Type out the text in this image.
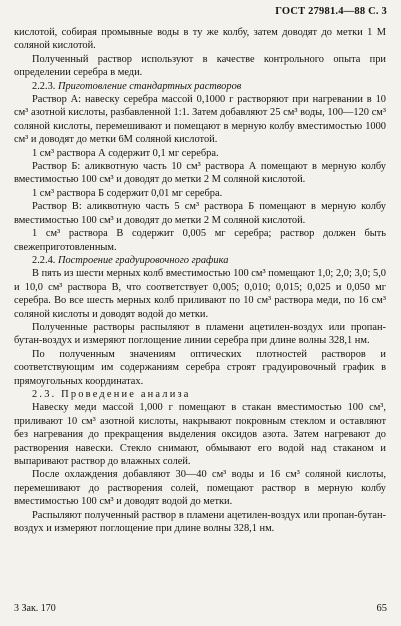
ГОСТ 27981.4—88 С. 3

кислотой, собирая промывные воды в ту же колбу, затем доводят до метки 1 М соляной кислотой.

Полученный раствор используют в качестве контрольного опыта при определении серебра в меди.

2.2.3. Приготовление стандартных растворов

Раствор А: навеску серебра массой 0,1000 г растворяют при нагревании в 10 см³ азотной кислоты, разбавленной 1:1. Затем добавляют 25 см³ воды, 100—120 см³ соляной кислоты, перемешивают и помещают в мерную колбу вместимостью 1000 см³ и доводят до метки 6М соляной кислотой.

1 см³ раствора А содержит 0,1 мг серебра.

Раствор Б: аликвотную часть 10 см³ раствора А помещают в мерную колбу вместимостью 100 см³ и доводят до метки 2 М соляной кислотой.

1 см³ раствора Б содержит 0,01 мг серебра.

Раствор В: аликвотную часть 5 см³ раствора Б помещают в мерную колбу вместимостью 100 см³ и доводят до метки 2 М соляной кислотой.

1 см³ раствора В содержит 0,005 мг серебра; раствор должен быть свежеприготовленным.

2.2.4. Построение градуировочного графика

В пять из шести мерных колб вместимостью 100 см³ помещают 1,0; 2,0; 3,0; 5,0 и 10,0 см³ раствора В, что соответствует 0,005; 0,010; 0,015; 0,025 и 0,050 мг серебра. Во все шесть мерных колб приливают по 10 см³ раствора меди, по 16 см³ соляной кислоты и доводят водой до метки.

Полученные растворы распыляют в пламени ацетилен-воздух или пропан-бутан-воздух и измеряют поглощение линии серебра при длине волны 328,1 нм.

По полученным значениям оптических плотностей растворов и соответствующим им содержаниям серебра строят градуировочный график в прямоугольных координатах.

2.3. Проведение анализа

Навеску меди массой 1,000 г помещают в стакан вместимостью 100 см³, приливают 10 см³ азотной кислоты, накрывают покровным стеклом и оставляют без нагревания до прекращения выделения оксидов азота. Затем нагревают до растворения навески. Стекло снимают, обмывают его водой над стаканом и выпаривают раствор до влажных солей.

После охлаждения добавляют 30—40 см³ воды и 16 см³ соляной кислоты, перемешивают до растворения солей, помещают раствор в мерную колбу вместимостью 100 см³ и доводят водой до метки.

Распыляют полученный раствор в пламени ацетилен-воздух или пропан-бутан-воздух и измеряют поглощение при длине волны 328,1 нм.

3 Зак. 170	65
